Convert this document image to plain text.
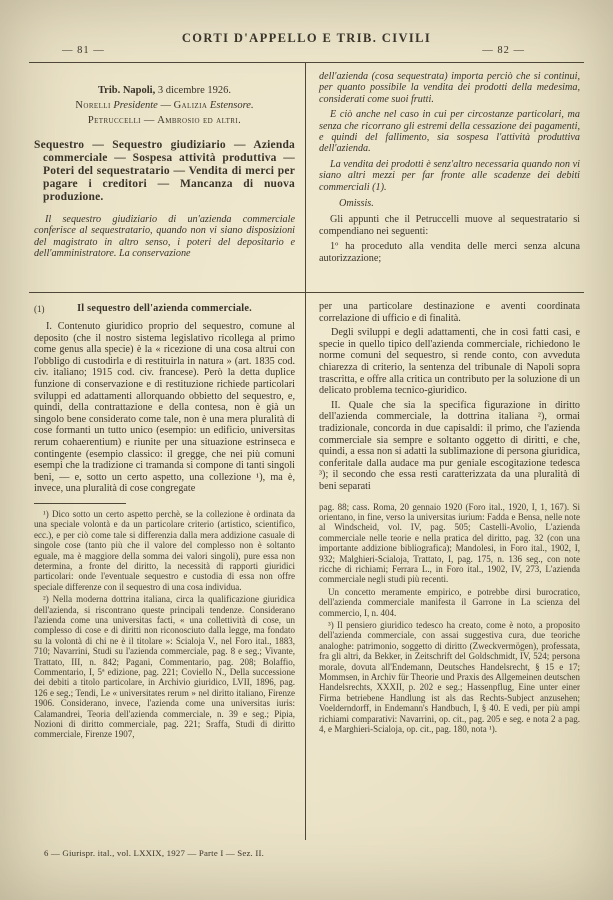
CORTI D'APPELLO E TRIB. CIVILI
— 81 —	— 82 —

Trib. Napoli, 3 dicembre 1926.

Norelli Presidente — Galizia Estensore.

Petruccelli — Ambrosio ed altri.

Sequestro — Sequestro giudiziario — Azienda commerciale — Sospesa attività produttiva — Poteri del sequestratario — Vendita di merci per pagare i creditori — Mancanza di nuova produzione.

Il sequestro giudiziario di un'azienda commerciale conferisce al sequestratario, quando non vi siano disposizioni del magistrato in altro senso, i poteri del depositario e dell'amministratore. La conservazione

dell'azienda (cosa sequestrata) importa perciò che si continui, per quanto possibile la vendita dei prodotti della medesima, considerati come suoi frutti.

E ciò anche nel caso in cui per circostanze particolari, ma senza che ricorrano gli estremi della cessazione dei pagamenti, e quindi del fallimento, sia sospesa l'attività produttiva dell'azienda.

La vendita dei prodotti è senz'altro necessaria quando non vi siano altri mezzi per far fronte alle scadenze dei debiti commerciali (1).

Omissis.

Gli appunti che il Petruccelli muove al sequestratario si compendiano nei seguenti:

1º ha proceduto alla vendita delle merci senza alcuna autorizzazione;

(1)	Il sequestro dell'azienda commerciale.

I. Contenuto giuridico proprio del sequestro, comune al deposito (che il nostro sistema legislativo ricollega al primo come genus alla specie) è la « ricezione di una cosa altrui con l'obbligo di custodirla e di restituirla in natura » (art. 1835 cod. civ. italiano; 1915 cod. civ. francese). Però la detta duplice funzione di conservazione e di restituzione richiede particolari sviluppi ed adattamenti allorquando obbietto del sequestro, e, quindi, della contrattazione e della contesa, non è già un singolo bene considerato come tale, non è una mera pluralità di cose formanti un tutto unico (esempio: un edificio, universitas rerum cohaerentium) e riunite per una situazione estrinseca e contingente (esempio classico: il gregge, che nei più comuni esempi che la tradizione ci tramanda si compone di tanti singoli beni, — e, sotto un certo aspetto, una collezione ¹), ma è, invece, una pluralità di cose congregate

¹) Dico sotto un certo aspetto perchè, se la collezione è ordinata da una speciale volontà e da un particolare criterio (artistico, scientifico, ecc.), e per ciò come tale si differenzia dalla mera addizione casuale di singole cose (tanto più che il valore del complesso non è soltanto eguale, ma è maggiore della somma dei valori singoli), pure essa non determina, a fronte del diritto, la necessità di rapporti giuridici particolari: onde l'eventuale sequestro e custodia di essa non offre speciale differenze con il sequestro di una cosa individua.

²) Nella moderna dottrina italiana, circa la qualificazione giuridica dell'azienda, si riscontrano queste principali tendenze. Considerano l'azienda come una universitas facti, « una collettività di cose, un complesso di cose e di diritti non riconosciuto dalla legge, ma fondato su la volontà di chi ne è il titolare »: Scialoja V., nel Foro ital., 1883, 710; Navarrini, Studi su l'azienda commerciale, pag. 8 e seg.; Vivante, Trattato, III, n. 842; Pagani, Commentario, pag. 208; Bolaffio, Commentario, I, 5ª edizione, pag. 221; Coviello N., Della successione dei debiti a titolo particolare, in Archivio giuridico, LVII, 1896, pag. 126 e seg.; Tendi, Le « universitates rerum » nel diritto italiano, Firenze 1906. Considerano, invece, l'azienda come una universitas iuris: Calamandrei, Teoria dell'azienda commerciale, n. 39 e seg.; Pipia, Nozioni di diritto commerciale, pag. 221; Sraffa, Studi di diritto commerciale, Firenze 1907,

per una particolare destinazione e aventi coordinata correlazione di ufficio e di finalità.

Degli sviluppi e degli adattamenti, che in così fatti casi, e specie in quello tipico dell'azienda commerciale, richiedono le norme comuni del sequestro, si rende conto, con avveduta chiarezza di criterio, la sentenza del tribunale di Napoli sopra trascritta, e offre alla critica un contributo per la soluzione di un delicato problema tecnico-giuridico.

II. Quale che sia la specifica figurazione in diritto dell'azienda commerciale, la dottrina italiana ²), ormai tradizionale, concorda in due capisaldi: il primo, che l'azienda commerciale sia sempre e soltanto oggetto di diritti, e che, quindi, a essa non si adatti la sublimazione di persona giuridica, conferitale dalla audace ma pur geniale escogitazione tedesca ³); il secondo che essa resti caratterizzata da una pluralità di beni separati

pag. 88; cass. Roma, 20 gennaio 1920 (Foro ital., 1920, I, 1, 167). Si orientano, in fine, verso la universitas iurium: Fadda e Bensa, nelle note al Windscheid, vol. IV, pag. 505; Castelli-Avolio, L'azienda commerciale nelle teorie e nella pratica del diritto, pag. 32 (con una importante addizione bibliografica); Mandolesi, in Foro ital., 1902, I, 932; Malghieri-Scialoja, Trattato, I, pag. 175, n. 136 seg., con note ricche di richiami; Ferrara L., in Foro ital., 1902, IV, 273, L'azienda commerciale negli studi più recenti.

Un concetto meramente empirico, e potrebbe dirsi burocratico, dell'azienda commerciale manifesta il Garrone in La scienza del commercio, I, n. 404.

³) Il pensiero giuridico tedesco ha creato, come è noto, a proposito dell'azienda commerciale, con assai suggestiva cura, due teoriche analoghe: patrimonio, soggetto di diritto (Zweckvermögen), professata, fra gli altri, da Bekker, in Zeitschrift del Goldschmidt, IV, 524; persona morale, dovuta all'Endemann, Deutsches Handelsrecht, § 15 e 17; Mommsen, in Archiv für Theorie und Praxis des Allgemeinen deutschen Handelsrechts, XXXII, p. 202 e seg.; Hassenpflug, Eine unter einer Firma betriebene Handlung ist als das Rechts-Subject anzusehen; Voelderndorff, in Endemann's Handbuch, I, § 40. E vedi, per più ampi richiami comparativi: Navarrini, op. cit., pag. 205 e seg. e nota 2 a pag. 4, e Marghieri-Scialoja, op. cit., pag. 180, nota ¹).

6 — Giurispr. ital., vol. LXXIX, 1927 — Parte I — Sez. II.
